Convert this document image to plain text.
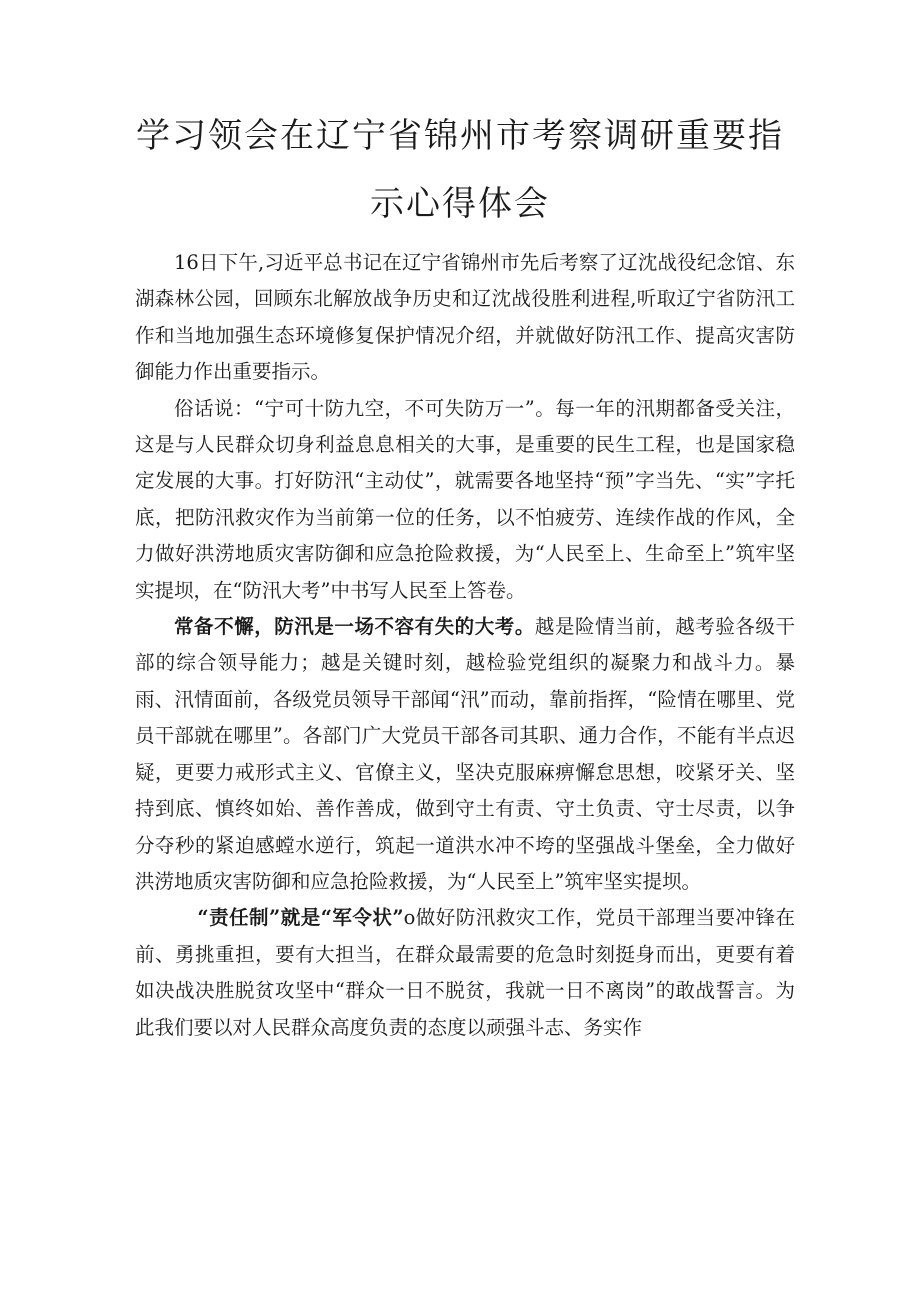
学习领会在辽宁省锦州市考察调研重要指
示心得体会

16日下午,习近平总书记在辽宁省锦州市先后考察了辽沈战役纪念馆、东湖森林公园，回顾东北解放战争历史和辽沈战役胜利进程,听取辽宁省防汛工作和当地加强生态环境修复保护情况介绍，并就做好防汛工作、提高灾害防御能力作出重要指示。

俗话说：“宁可十防九空，不可失防万一”。每一年的汛期都备受关注，这是与人民群众切身利益息息相关的大事，是重要的民生工程，也是国家稳定发展的大事。打好防汛“主动仗”，就需要各地坚持“预”字当先、“实”字托底，把防汛救灾作为当前第一位的任务，以不怕疲劳、连续作战的作风，全力做好洪涝地质灾害防御和应急抢险救援，为“人民至上、生命至上”筑牢坚实提坝，在“防汛大考”中书写人民至上答卷。

常备不懈，防汛是一场不容有失的大考。越是险情当前，越考验各级干部的综合领导能力；越是关键时刻，越检验党组织的凝聚力和战斗力。暴雨、汛情面前，各级党员领导干部闻“汛”而动，靠前指挥，“险情在哪里、党员干部就在哪里”。各部门广大党员干部各司其职、通力合作，不能有半点迟疑，更要力戒形式主义、官僚主义，坚决克服麻痹懈怠思想，咬紧牙关、坚持到底、慎终如始、善作善成，做到守土有责、守土负责、守士尽责，以争分夺秒的紧迫感螳水逆行，筑起一道洪水冲不垮的坚强战斗堡垒，全力做好洪涝地质灾害防御和应急抢险救援，为“人民至上”筑牢坚实提坝。

“责任制”就是“军令状”o做好防汛救灾工作，党员干部理当要冲锋在前、勇挑重担，要有大担当，在群众最需要的危急时刻挺身而出，更要有着如决战决胜脱贫攻坚中“群众一日不脱贫，我就一日不离岗”的敢战誓言。为此我们要以对人民群众高度负责的态度以顽强斗志、务实作
